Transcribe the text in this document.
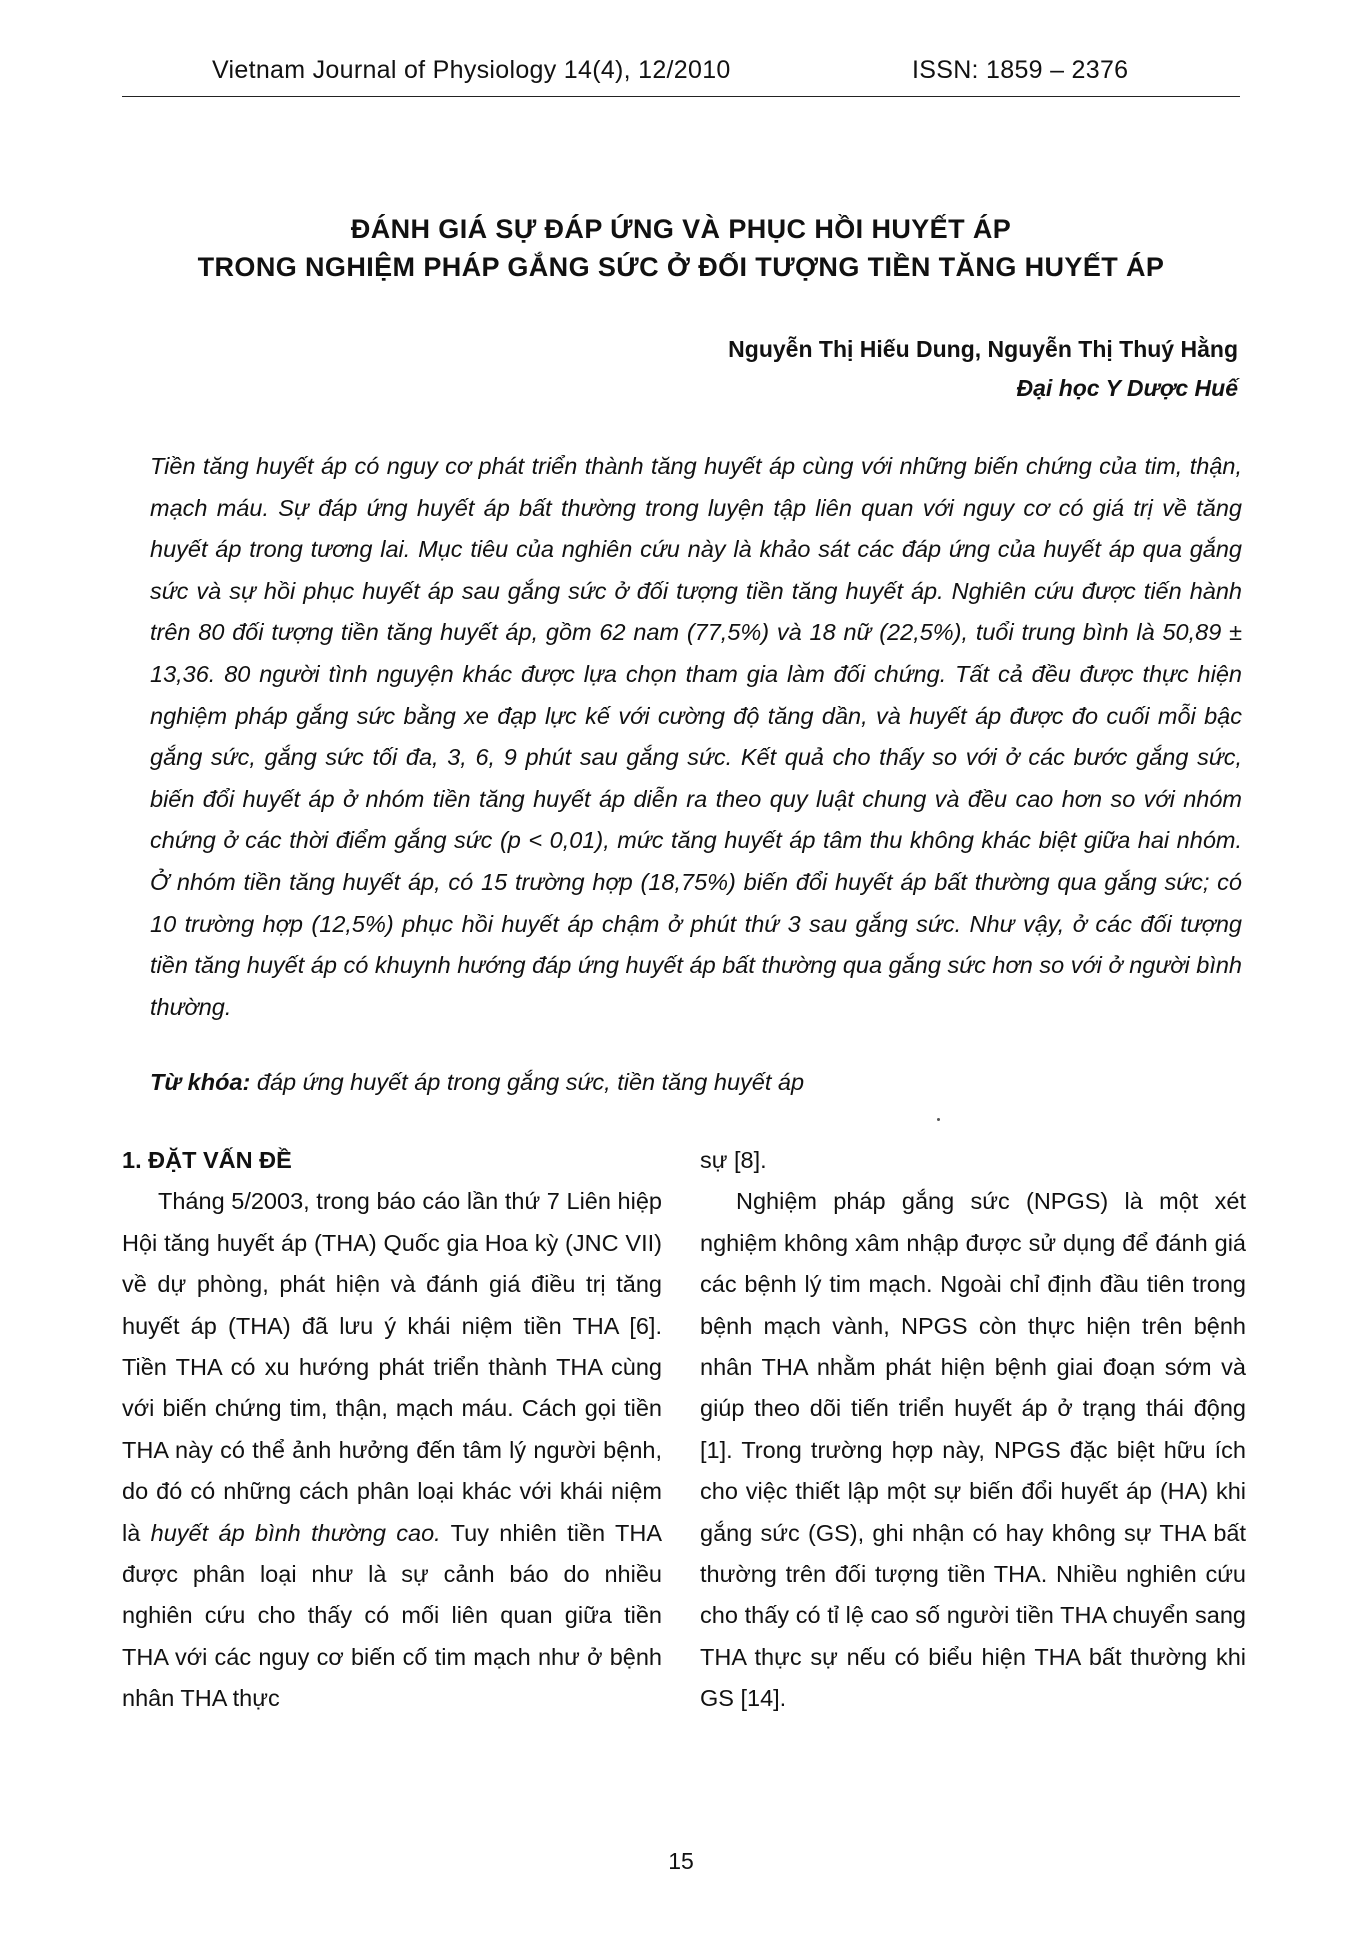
Vietnam Journal of Physiology 14(4), 12/2010	ISSN: 1859 – 2376
ĐÁNH GIÁ SỰ ĐÁP ỨNG VÀ PHỤC HỒI HUYẾT ÁP
TRONG NGHIỆM PHÁP GẮNG SỨC Ở ĐỐI TƯỢNG TIỀN TĂNG HUYẾT ÁP
Nguyễn Thị Hiếu Dung, Nguyễn Thị Thuý Hằng
Đại học Y Dược Huế
Tiền tăng huyết áp có nguy cơ phát triển thành tăng huyết áp cùng với những biến chứng của tim, thận, mạch máu. Sự đáp ứng huyết áp bất thường trong luyện tập liên quan với nguy cơ có giá trị về tăng huyết áp trong tương lai. Mục tiêu của nghiên cứu này là khảo sát các đáp ứng của huyết áp qua gắng sức và sự hồi phục huyết áp sau gắng sức ở đối tượng tiền tăng huyết áp. Nghiên cứu được tiến hành trên 80 đối tượng tiền tăng huyết áp, gồm 62 nam (77,5%) và 18 nữ (22,5%), tuổi trung bình là 50,89 ± 13,36. 80 người tình nguyện khác được lựa chọn tham gia làm đối chứng. Tất cả đều được thực hiện nghiệm pháp gắng sức bằng xe đạp lực kế với cường độ tăng dần, và huyết áp được đo cuối mỗi bậc gắng sức, gắng sức tối đa, 3, 6, 9 phút sau gắng sức. Kết quả cho thấy so với ở các bước gắng sức, biến đổi huyết áp ở nhóm tiền tăng huyết áp diễn ra theo quy luật chung và đều cao hơn so với nhóm chứng ở các thời điểm gắng sức (p < 0,01), mức tăng huyết áp tâm thu không khác biệt giữa hai nhóm. Ở nhóm tiền tăng huyết áp, có 15 trường hợp (18,75%) biến đổi huyết áp bất thường qua gắng sức; có 10 trường hợp (12,5%) phục hồi huyết áp chậm ở phút thứ 3 sau gắng sức. Như vậy, ở các đối tượng tiền tăng huyết áp có khuynh hướng đáp ứng huyết áp bất thường qua gắng sức hơn so với ở người bình thường.
Từ khóa: đáp ứng huyết áp trong gắng sức, tiền tăng huyết áp
1. ĐẶT VẤN ĐỀ

Tháng 5/2003, trong báo cáo lần thứ 7 Liên hiệp Hội tăng huyết áp (THA) Quốc gia Hoa kỳ (JNC VII) về dự phòng, phát hiện và đánh giá điều trị tăng huyết áp (THA) đã lưu ý khái niệm tiền THA [6]. Tiền THA có xu hướng phát triển thành THA cùng với biến chứng tim, thận, mạch máu. Cách gọi tiền THA này có thể ảnh hưởng đến tâm lý người bệnh, do đó có những cách phân loại khác với khái niệm là huyết áp bình thường cao. Tuy nhiên tiền THA được phân loại như là sự cảnh báo do nhiều nghiên cứu cho thấy có mối liên quan giữa tiền THA với các nguy cơ biến cố tim mạch như ở bệnh nhân THA thực

sự [8].

Nghiệm pháp gắng sức (NPGS) là một xét nghiệm không xâm nhập được sử dụng để đánh giá các bệnh lý tim mạch. Ngoài chỉ định đầu tiên trong bệnh mạch vành, NPGS còn thực hiện trên bệnh nhân THA nhằm phát hiện bệnh giai đoạn sớm và giúp theo dõi tiến triển huyết áp ở trạng thái động [1]. Trong trường hợp này, NPGS đặc biệt hữu ích cho việc thiết lập một sự biến đổi huyết áp (HA) khi gắng sức (GS), ghi nhận có hay không sự THA bất thường trên đối tượng tiền THA. Nhiều nghiên cứu cho thấy có tỉ lệ cao số người tiền THA chuyển sang THA thực sự nếu có biểu hiện THA bất thường khi GS [14].

15
